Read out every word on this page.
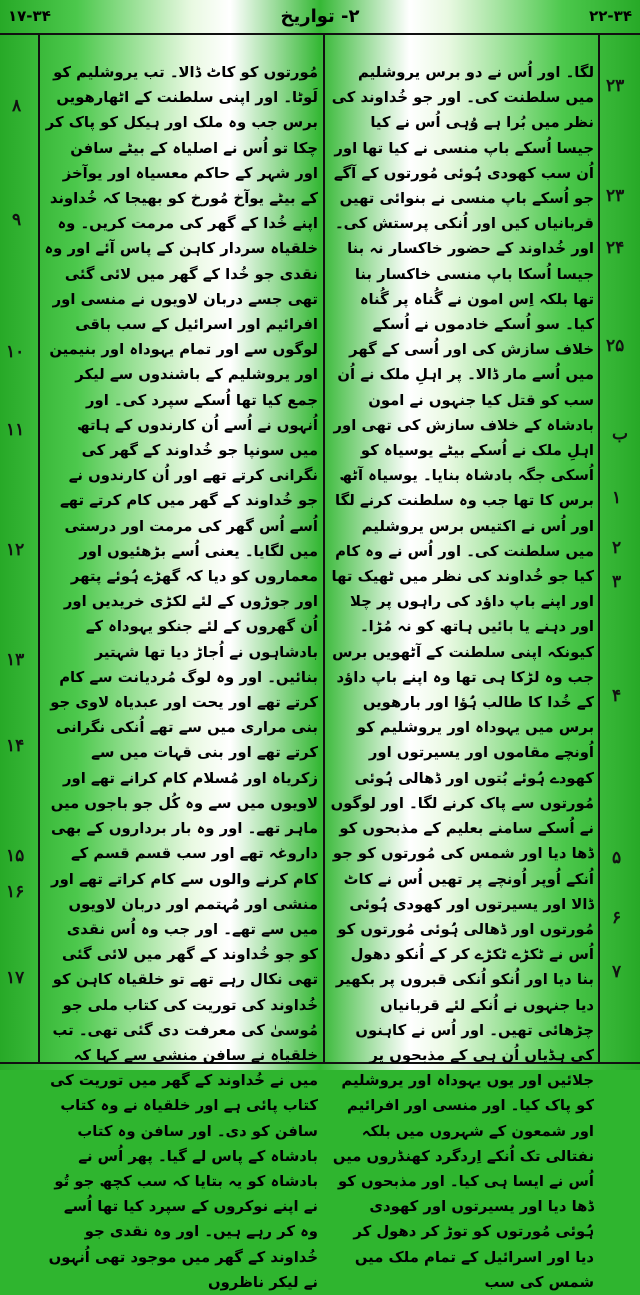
۱۷-۳۴	۲- تواریخ	۲۲-۳۴
۲۳
۲۳
۲۴
۲۵
ب
۱
۲
۳
۴
۵
۶
۷
۸
۹
۱۰
۱۱
۱۲
۱۳
۱۴
۱۵
۱۶
۱۷

لگا۔ اور اُس نے دو برس یروشلیم میں سلطنت کی۔ اور جو خُداوند کی نظر میں بُرا ہے وُہی اُس نے کیا جیسا اُسکے باپ منسی نے کیا تھا اور اُن سب کھودی ہُوئی مُورتوں کے آگے جو اُسکے باپ منسی نے بنوائی تھیں قربانیاں کیں اور اُنکی پرستش کی۔ اور خُداوند کے حضور خاکسار نہ بنا جیسا اُسکا باپ منسی خاکسار بنا تھا بلکہ اِس امون نے گُناہ پر گُناہ کیا۔ سو اُسکے خادموں نے اُسکے خلاف سازش کی اور اُسی کے گھر میں اُسے مار ڈالا۔ پر اہلِ ملک نے اُن سب کو قتل کیا جنہوں نے امون بادشاہ کے خلاف سازش کی تھی اور اہلِ ملک نے اُسکے بیٹے یوسیاہ کو اُسکی جگہ بادشاہ بنایا۔ یوسیاہ آٹھ برس کا تھا جب وہ سلطنت کرنے لگا اور اُس نے اکتیس برس یروشلیم میں سلطنت کی۔ اور اُس نے وہ کام کیا جو خُداوند کی نظر میں ٹھیک تھا اور اپنے باپ داؤد کی راہوں پر چلا اور دہنے یا بائیں ہاتھ کو نہ مُڑا۔ کیونکہ اپنی سلطنت کے آٹھویں برس جب وہ لڑکا ہی تھا وہ اپنے باپ داؤد کے خُدا کا طالب ہُؤا اور بارھویں برس میں یہوداہ اور یروشلیم کو اُونچے مقاموں اور یسیرتوں اور کھودے ہُوئے بُتوں اور ڈھالی ہُوئی مُورتوں سے پاک کرنے لگا۔ اور لوگوں نے اُسکے سامنے بعلیم کے مذبحوں کو ڈھا دیا اور شمس کی مُورتوں کو جو اُنکے اُوپر اُونچے پر تھیں اُس نے کاٹ ڈالا اور یسیرتوں اور کھودی ہُوئی مُورتوں اور ڈھالی ہُوئی مُورتوں کو اُس نے ٹکڑے ٹکڑے کر کے اُنکو دھول بنا دیا اور اُنکو اُنکی قبروں پر بکھیر دیا جنہوں نے اُنکے لئے قربانیاں چڑھائی تھیں۔ اور اُس نے کاہنوں کی ہڈیاں اُن ہی کے مذبحوں پر جلائیں اور یوں یہوداہ اور یروشلیم کو پاک کیا۔ اور منسی اور افرائیم اور شمعون کے شہروں میں بلکہ نفتالی تک اُنکے اِردگرد کھنڈروں میں اُس نے ایسا ہی کیا۔ اور مذبحوں کو ڈھا دیا اور یسیرتوں اور کھودی ہُوئی مُورتوں کو توڑ کر دھول کر دیا اور اسرائیل کے تمام ملک میں شمس کی سب

مُورتوں کو کاٹ ڈالا۔ تب یروشلیم کو لَوٹا۔ اور اپنی سلطنت کے اٹھارھویں برس جب وہ ملک اور ہیکل کو پاک کر چکا تو اُس نے اصلیاہ کے بیٹے سافن اور شہر کے حاکم معسیاہ اور یوآخز کے بیٹے یوآخ مُورخ کو بھیجا کہ خُداوند اپنے خُدا کے گھر کی مرمت کریں۔ وہ خلقیاہ سردار کاہن کے پاس آئے اور وہ نقدی جو خُدا کے گھر میں لائی گئی تھی جسے دربان لاویوں نے منسی اور افرائیم اور اسرائیل کے سب باقی لوگوں سے اور تمام یہوداہ اور بنیمین اور یروشلیم کے باشندوں سے لیکر جمع کیا تھا اُسکے سپرد کی۔ اور اُنہوں نے اُسے اُن کارندوں کے ہاتھ میں سونپا جو خُداوند کے گھر کی نگرانی کرتے تھے اور اُن کارندوں نے جو خُداوند کے گھر میں کام کرتے تھے اُسے اُس گھر کی مرمت اور درستی میں لگایا۔ یعنی اُسے بڑھئیوں اور معماروں کو دیا کہ گھڑے ہُوئے پتھر اور جوڑوں کے لئے لکڑی خریدیں اور اُن گھروں کے لئے جنکو یہوداہ کے بادشاہوں نے اُجاڑ دیا تھا شہتیر بنائیں۔ اور وہ لوگ مُردیانت سے کام کرتے تھے اور یحت اور عبدیاہ لاوی جو بنی مراری میں سے تھے اُنکی نگرانی کرتے تھے اور بنی قہات میں سے زکریاہ اور مُسلام کام کرانے تھے اور لاویوں میں سے وہ کُل جو باجوں میں ماہر تھے۔ اور وہ بار برداروں کے بھی داروغہ تھے اور سب قسم قسم کے کام کرنے والوں سے کام کراتے تھے اور منشی اور مُہتمم اور دربان لاویوں میں سے تھے۔ اور جب وہ اُس نقدی کو جو خُداوند کے گھر میں لائی گئی تھی نکال رہے تھے تو خلقیاہ کاہن کو خُداوند کی توریت کی کتاب ملی جو مُوسیٰ کی معرفت دی گئی تھی۔ تب خلقیاہ نے سافن منشی سے کہا کہ میں نے خُداوند کے گھر میں توریت کی کتاب پائی ہے اور خلقیاہ نے وہ کتاب سافن کو دی۔ اور سافن وہ کتاب بادشاہ کے پاس لے گیا۔ پھر اُس نے بادشاہ کو یہ بتایا کہ سب کچھ جو تُو نے اپنے نوکروں کے سپرد کیا تھا اُسے وہ کر رہے ہیں۔ اور وہ نقدی جو خُداوند کے گھر میں موجود تھی اُنہوں نے لیکر ناظروں
